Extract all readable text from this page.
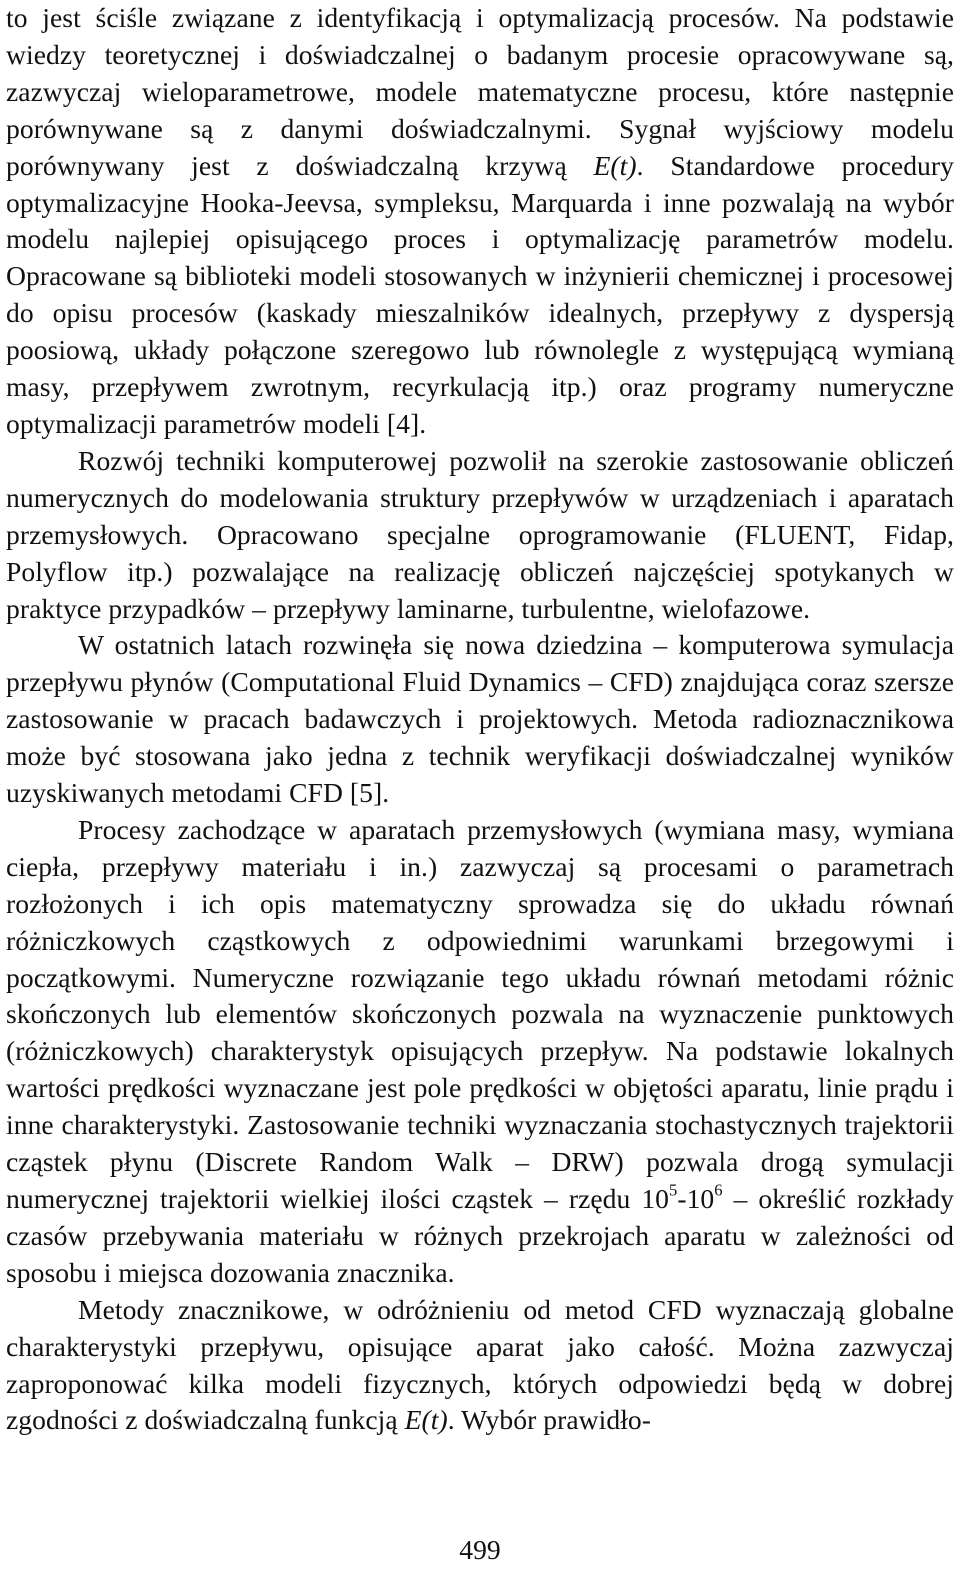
to jest ściśle związane z identyfikacją i optymalizacją procesów. Na podstawie wiedzy teoretycznej i doświadczalnej o badanym procesie opracowywane są, zazwyczaj wieloparametrowe, modele matematyczne procesu, które następnie porównywane są z danymi doświadczalnymi. Sygnał wyjściowy modelu porównywany jest z doświadczalną krzywą E(t). Standardowe procedury optymalizacyjne Hooka-Jeevsa, sympleksu, Marquarda i inne pozwalają na wybór modelu najlepiej opisującego proces i optymalizację parametrów modelu. Opracowane są biblioteki modeli stosowanych w inżynierii chemicznej i procesowej do opisu procesów (kaskady mieszalników idealnych, przepływy z dyspersją poosiową, układy połączone szeregowo lub równolegle z występującą wymianą masy, przepływem zwrotnym, recyrkulacją itp.) oraz programy numeryczne optymalizacji parametrów modeli [4].

Rozwój techniki komputerowej pozwolił na szerokie zastosowanie obliczeń numerycznych do modelowania struktury przepływów w urządzeniach i aparatach przemysłowych. Opracowano specjalne oprogramowanie (FLUENT, Fidap, Polyflow itp.) pozwalające na realizację obliczeń najczęściej spotykanych w praktyce przypadków – przepływy laminarne, turbulentne, wielofazowe.

W ostatnich latach rozwinęła się nowa dziedzina – komputerowa symulacja przepływu płynów (Computational Fluid Dynamics – CFD) znajdująca coraz szersze zastosowanie w pracach badawczych i projektowych. Metoda radioznacznikowa może być stosowana jako jedna z technik weryfikacji doświadczalnej wyników uzyskiwanych metodami CFD [5].

Procesy zachodzące w aparatach przemysłowych (wymiana masy, wymiana ciepła, przepływy materiału i in.) zazwyczaj są procesami o parametrach rozłożonych i ich opis matematyczny sprowadza się do układu równań różniczkowych cząstkowych z odpowiednimi warunkami brzegowymi i początkowymi. Numeryczne rozwiązanie tego układu równań metodami różnic skończonych lub elementów skończonych pozwala na wyznaczenie punktowych (różniczkowych) charakterystyk opisujących przepływ. Na podstawie lokalnych wartości prędkości wyznaczane jest pole prędkości w objętości aparatu, linie prądu i inne charakterystyki. Zastosowanie techniki wyznaczania stochastycznych trajektorii cząstek płynu (Discrete Random Walk – DRW) pozwala drogą symulacji numerycznej trajektorii wielkiej ilości cząstek – rzędu $10^5-10^6$ – określić rozkłady czasów przebywania materiału w różnych przekrojach aparatu w zależności od sposobu i miejsca dozowania znacznika.

Metody znacznikowe, w odróżnieniu od metod CFD wyznaczają globalne charakterystyki przepływu, opisujące aparat jako całość. Można zazwyczaj zaproponować kilka modeli fizycznych, których odpowiedzi będą w dobrej zgodności z doświadczalną funkcją E(t). Wybór prawidło-

499
